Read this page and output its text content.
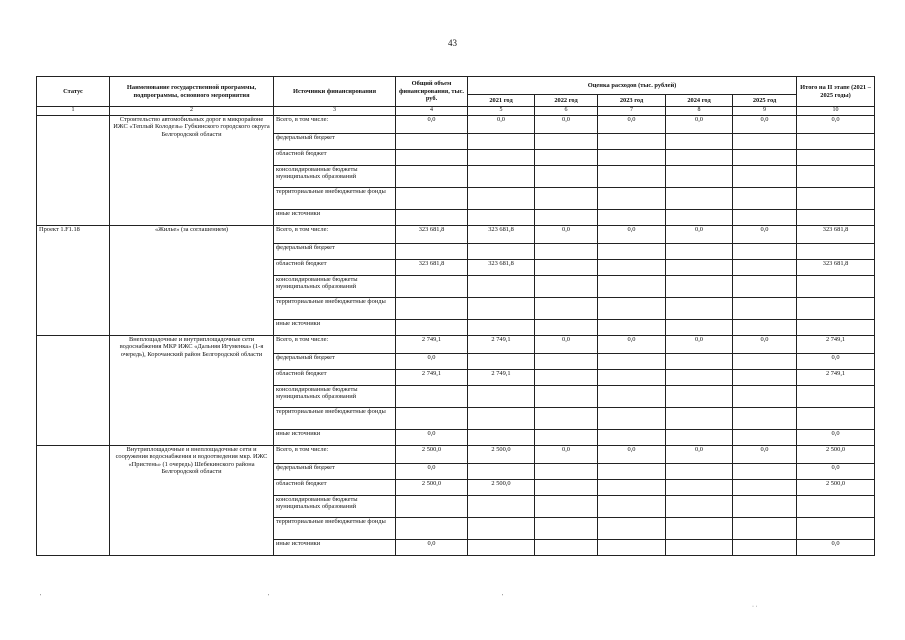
43
Статус	Наименование государственной программы, подпрограммы, основного мероприятия	Источники финансирования	Общий объем финансирования, тыс. руб.	Оценка расходов (тыс. рублей)					Итого на II этапе (2021 – 2025 годы)
				2021 год	2022 год	2023 год	2024 год	2025 год	
1	2	3	4	5	6	7	8	9	10
	Строительство автомобильных дорог в микрорайоне ИЖС «Теплый Колодезь» Губкинского городского округа Белгородской области	Всего, в том числе:	0,0	0,0	0,0	0,0	0,0	0,0	0,0
		федеральный бюджет							
		областной бюджет							
		консолидированные бюджеты муниципальных образований							
		территориальные внебюджетные фонды							
		иные источники							
Проект 1.F1.18	«Жилье» (за соглашением)	Всего, в том числе:	323 681,8	323 681,8	0,0	0,0	0,0	0,0	323 681,8
		федеральный бюджет							
		областной бюджет	323 681,8	323 681,8					323 681,8
		консолидированные бюджеты муниципальных образований							
		территориальные внебюджетные фонды							
		иные источники							
	Внеплощадочные и внутриплощадочные сети водоснабжения МКР ИЖС «Дальняя Игуменка» (1-я очередь), Корочанский район Белгородской области	Всего, в том числе:	2 749,1	2 749,1	0,0	0,0	0,0	0,0	2 749,1
		федеральный бюджет	0,0						0,0
		областной бюджет	2 749,1	2 749,1					2 749,1
		консолидированные бюджеты муниципальных образований							
		территориальные внебюджетные фонды							
		иные источники	0,0						0,0
	Внутриплощадочные и внеплощадочные сети и сооружения водоснабжения и водоотведения мкр. ИЖС «Пристень» (1 очередь) Шебекинского района Белгородской области	Всего, в том числе:	2 500,0	2 500,0	0,0	0,0	0,0	0,0	2 500,0
		федеральный бюджет	0,0						0,0
		областной бюджет	2 500,0	2 500,0					2 500,0
		консолидированные бюджеты муниципальных образований							
		территориальные внебюджетные фонды							
		иные источники	0,0						0,0
'	'	'
· ·
